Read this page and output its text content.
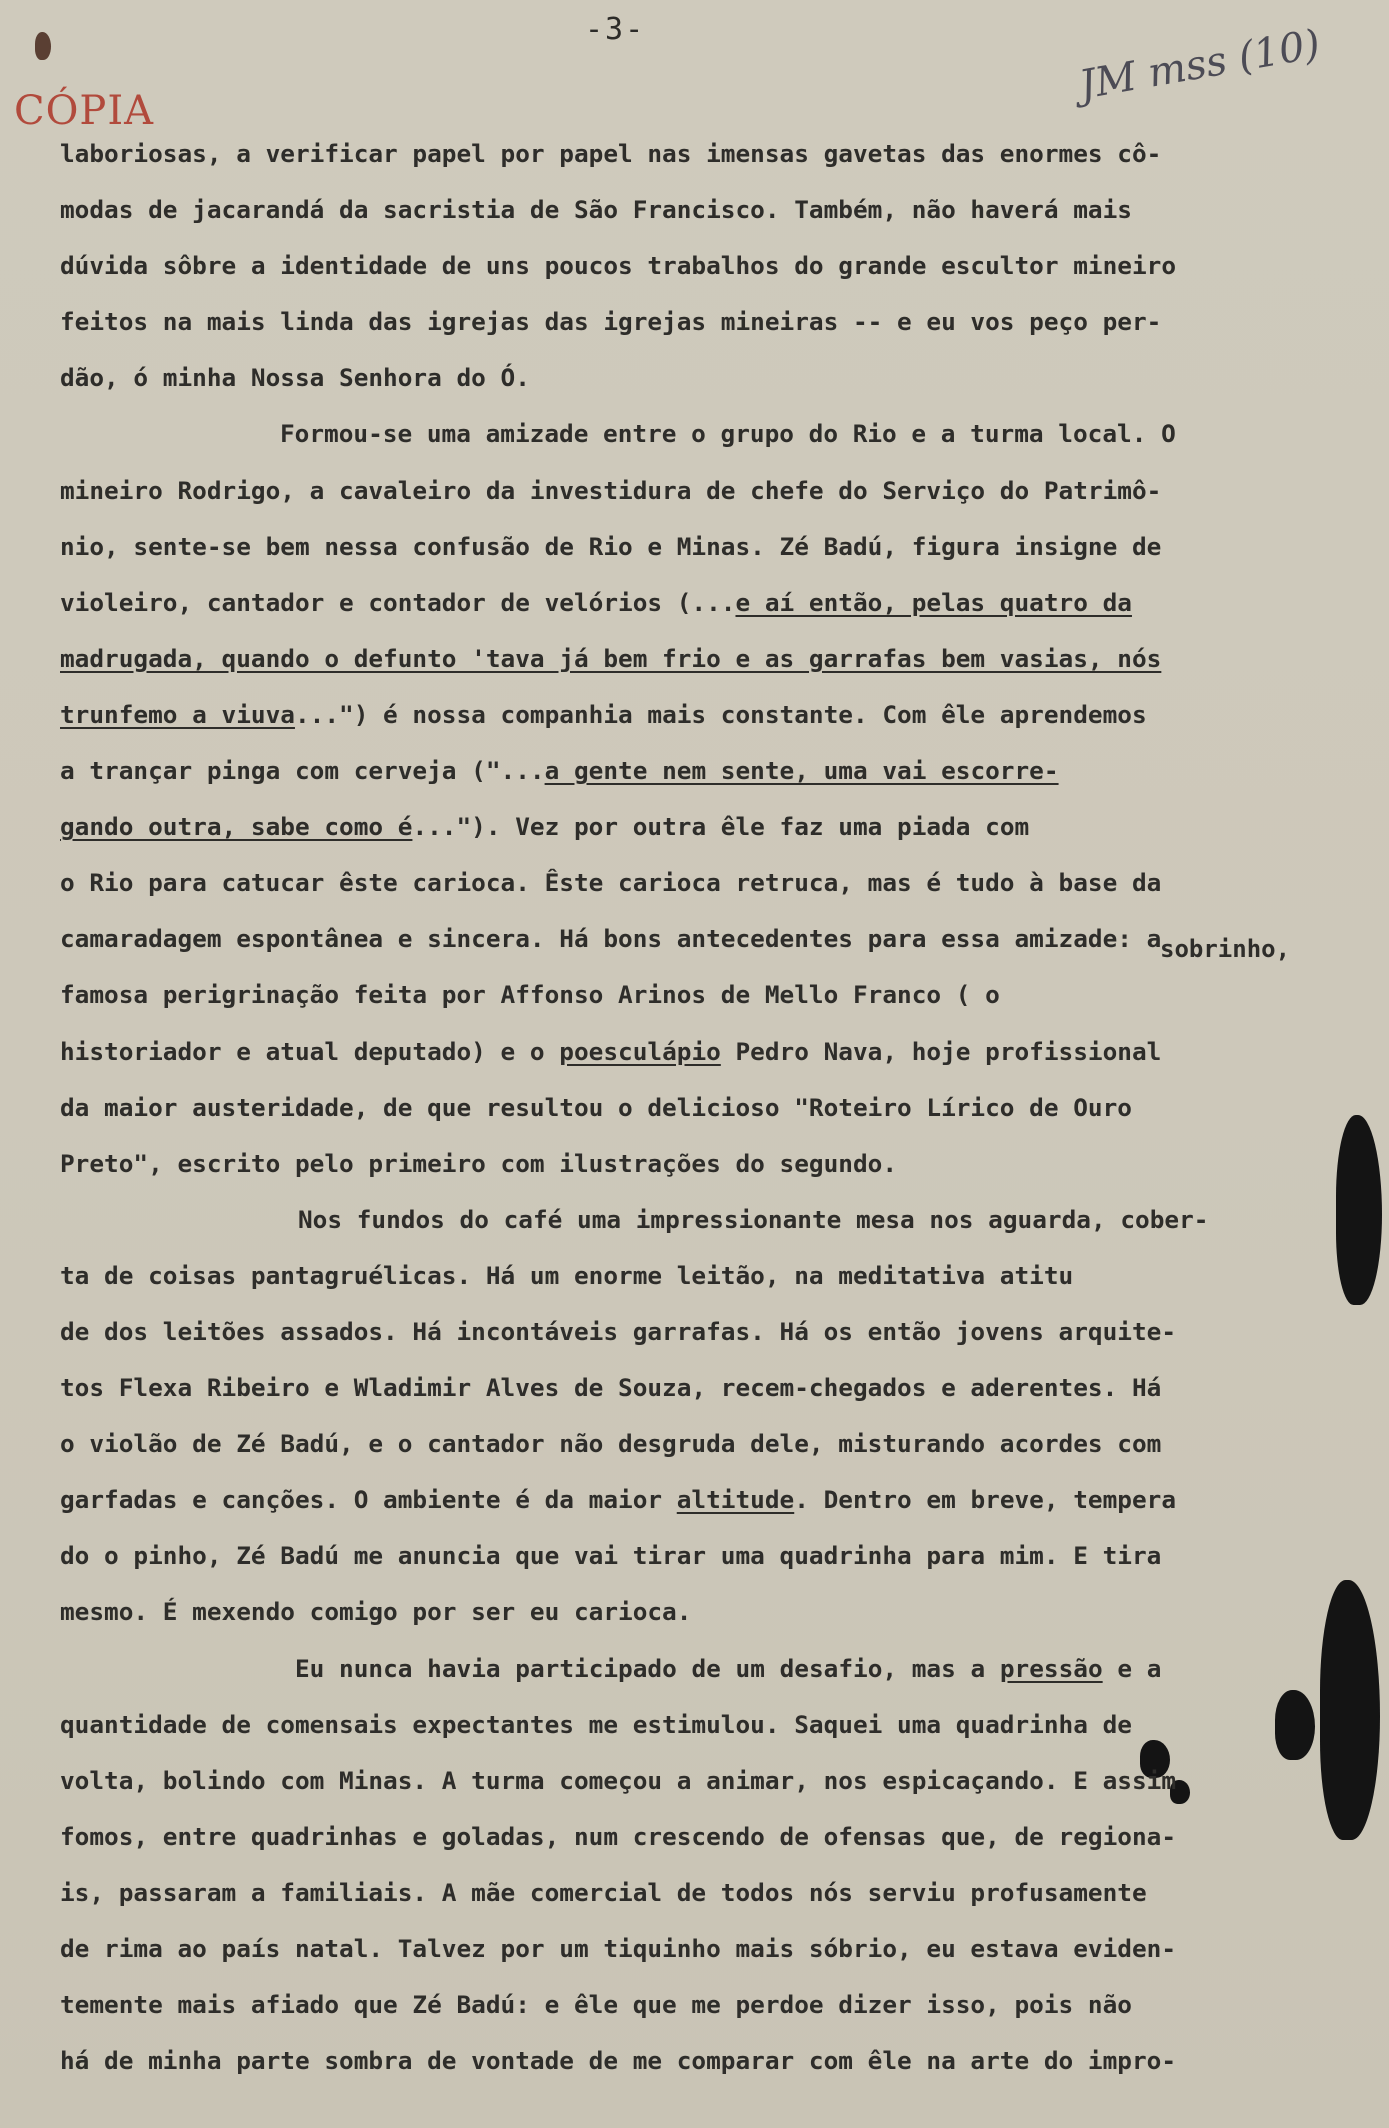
-3-
CÓPIA
JM mss (10)
sobrinho,
laboriosas, a verificar papel por papel nas imensas gavetas das enormes cô-
modas de jacarandá da sacristia de São Francisco. Também, não haverá mais
dúvida sôbre a identidade de uns poucos trabalhos do grande escultor mineiro
feitos na mais linda das igrejas das igrejas mineiras -- e eu vos peço per-
dão, ó minha Nossa Senhora do Ó.
Formou-se uma amizade entre o grupo do Rio e a turma local. O
mineiro Rodrigo, a cavaleiro da investidura de chefe do Serviço do Patrimô-
nio, sente-se bem nessa confusão de Rio e Minas. Zé Badú, figura insigne de
violeiro, cantador e contador de velórios (...e aí então, pelas quatro da
madrugada, quando o defunto 'tava já bem frio e as garrafas bem vasias, nós
trunfemo a viuva...") é nossa companhia mais constante. Com êle aprendemos
a trançar pinga com cerveja ("...a gente nem sente, uma vai escorre-
gando outra, sabe como é..."). Vez por outra êle faz uma piada com
o Rio para catucar êste carioca. Êste carioca retruca, mas é tudo à base da
camaradagem espontânea e sincera. Há bons antecedentes para essa amizade: a
famosa perigrinação feita por Affonso Arinos de Mello Franco ( o
historiador e atual deputado) e o poesculápio Pedro Nava, hoje profissional
da maior austeridade, de que resultou o delicioso "Roteiro Lírico de Ouro
Preto", escrito pelo primeiro com ilustrações do segundo.
Nos fundos do café uma impressionante mesa nos aguarda, cober-
ta de coisas pantagruélicas. Há um enorme leitão, na meditativa atitu
de dos leitões assados. Há incontáveis garrafas. Há os então jovens arquite-
tos Flexa Ribeiro e Wladimir Alves de Souza, recem-chegados e aderentes. Há
o violão de Zé Badú, e o cantador não desgruda dele, misturando acordes com
garfadas e canções. O ambiente é da maior altitude. Dentro em breve, tempera
do o pinho, Zé Badú me anuncia que vai tirar uma quadrinha para mim. E tira
mesmo. É mexendo comigo por ser eu carioca.
Eu nunca havia participado de um desafio, mas a pressão e a
quantidade de comensais expectantes me estimulou. Saquei uma quadrinha de
volta, bolindo com Minas. A turma começou a animar, nos espicaçando. E assim
fomos, entre quadrinhas e goladas, num crescendo de ofensas que, de regiona-
is, passaram a familiais. A mãe comercial de todos nós serviu profusamente
de rima ao país natal. Talvez por um tiquinho mais sóbrio, eu estava eviden-
temente mais afiado que Zé Badú: e êle que me perdoe dizer isso, pois não
há de minha parte sombra de vontade de me comparar com êle na arte do impro-
